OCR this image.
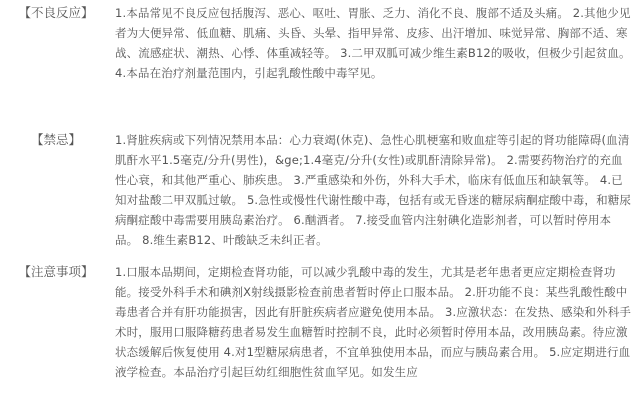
【不良反应】	1.本品常见不良反应包括腹泻、恶心、呕吐、胃胀、乏力、消化不良、腹部不适及头痛。 2.其他少见者为大便异常、低血糖、肌痛、头昏、头晕、指甲异常、皮疹、出汗增加、味觉异常、胸部不适、寒战、流感症状、潮热、心悸、体重减轻等。 3.二甲双胍可减少维生素B12的吸收，但极少引起贫血。 4.本品在治疗剂量范围内，引起乳酸性酸中毒罕见。
【禁忌】	1.肾脏疾病或下列情况禁用本品：心力衰竭(休克)、急性心肌梗塞和败血症等引起的肾功能障碍(血清肌酐水平1.5毫克/分升(男性)，&ge;1.4毫克/分升(女性)或肌酐清除异常)。 2.需要药物治疗的充血性心衰，和其他严重心、肺疾患。 3.严重感染和外伤，外科大手术，临床有低血压和缺氧等。 4.已知对盐酸二甲双胍过敏。 5.急性或慢性代谢性酸中毒，包括有或无昏迷的糖尿病酮症酸中毒，和糖尿病酮症酸中毒需要用胰岛素治疗。 6.酗酒者。 7.接受血管内注射碘化造影剂者，可以暂时停用本品。 8.维生素B12、叶酸缺乏未纠正者。
【注意事项】	1.口服本品期间，定期检查肾功能，可以减少乳酸中毒的发生，尤其是老年患者更应定期检查肾功能。接受外科手术和碘剂X射线摄影检查前患者暂时停止口服本品。 2.肝功能不良：某些乳酸性酸中毒患者合并有肝功能损害，因此有肝脏疾病者应避免使用本品。 3.应激状态：在发热、感染和外科手术时，服用口服降糖药患者易发生血糖暂时控制不良，此时必须暂时停用本品，改用胰岛素。待应激状态缓解后恢复使用 4.对1型糖尿病患者，不宜单独使用本品，而应与胰岛素合用。 5.应定期进行血液学检查。本品治疗引起巨幼红细胞性贫血罕见。如发生应
